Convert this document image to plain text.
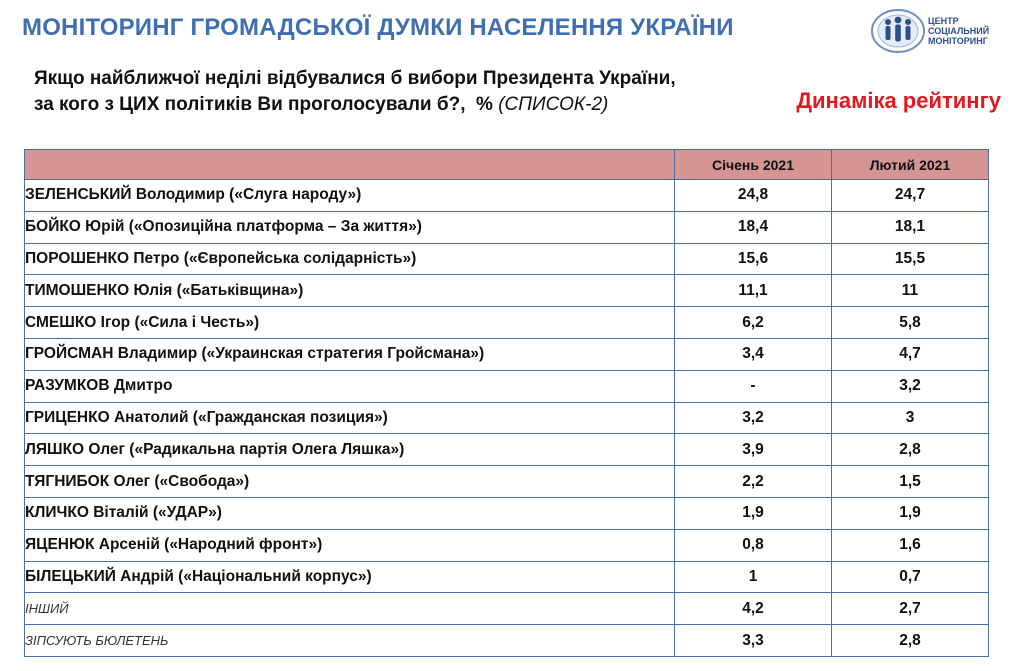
МОНІТОРИНГ ГРОМАДСЬКОЇ ДУМКИ НАСЕЛЕННЯ УКРАЇНИ	ЦЕНТР
СОЦІАЛЬНИЙ
МОНІТОРИНГ
Якщо найближчої неділі відбувалися б вибори Президента України,
за кого з ЦИХ політиків Ви проголосували б?, % (СПИСОК-2)	Динаміка рейтингу
	Січень 2021	Лютий 2021
ЗЕЛЕНСЬКИЙ Володимир («Слуга народу»)	24,8	24,7
БОЙКО Юрій («Опозиційна платформа – За життя»)	18,4	18,1
ПОРОШЕНКО Петро («Європейська солідарність»)	15,6	15,5
ТИМОШЕНКО Юлія («Батьківщина»)	11,1	11
СМЕШКО Ігор («Сила і Честь»)	6,2	5,8
ГРОЙСМАН Владимир («Украинская стратегия Гройсмана»)	3,4	4,7
РАЗУМКОВ Дмитро	-	3,2
ГРИЦЕНКО Анатолий («Гражданская позиция»)	3,2	3
ЛЯШКО Олег («Радикальна партія Олега Ляшка»)	3,9	2,8
ТЯГНИБОК Олег («Свобода»)	2,2	1,5
КЛИЧКО Віталій («УДАР»)	1,9	1,9
ЯЦЕНЮК Арсеній («Народний фронт»)	0,8	1,6
БІЛЕЦЬКИЙ Андрій («Національний корпус»)	1	0,7
ІНШИЙ	4,2	2,7
ЗІПСУЮТЬ БЮЛЕТЕНЬ	3,3	2,8
